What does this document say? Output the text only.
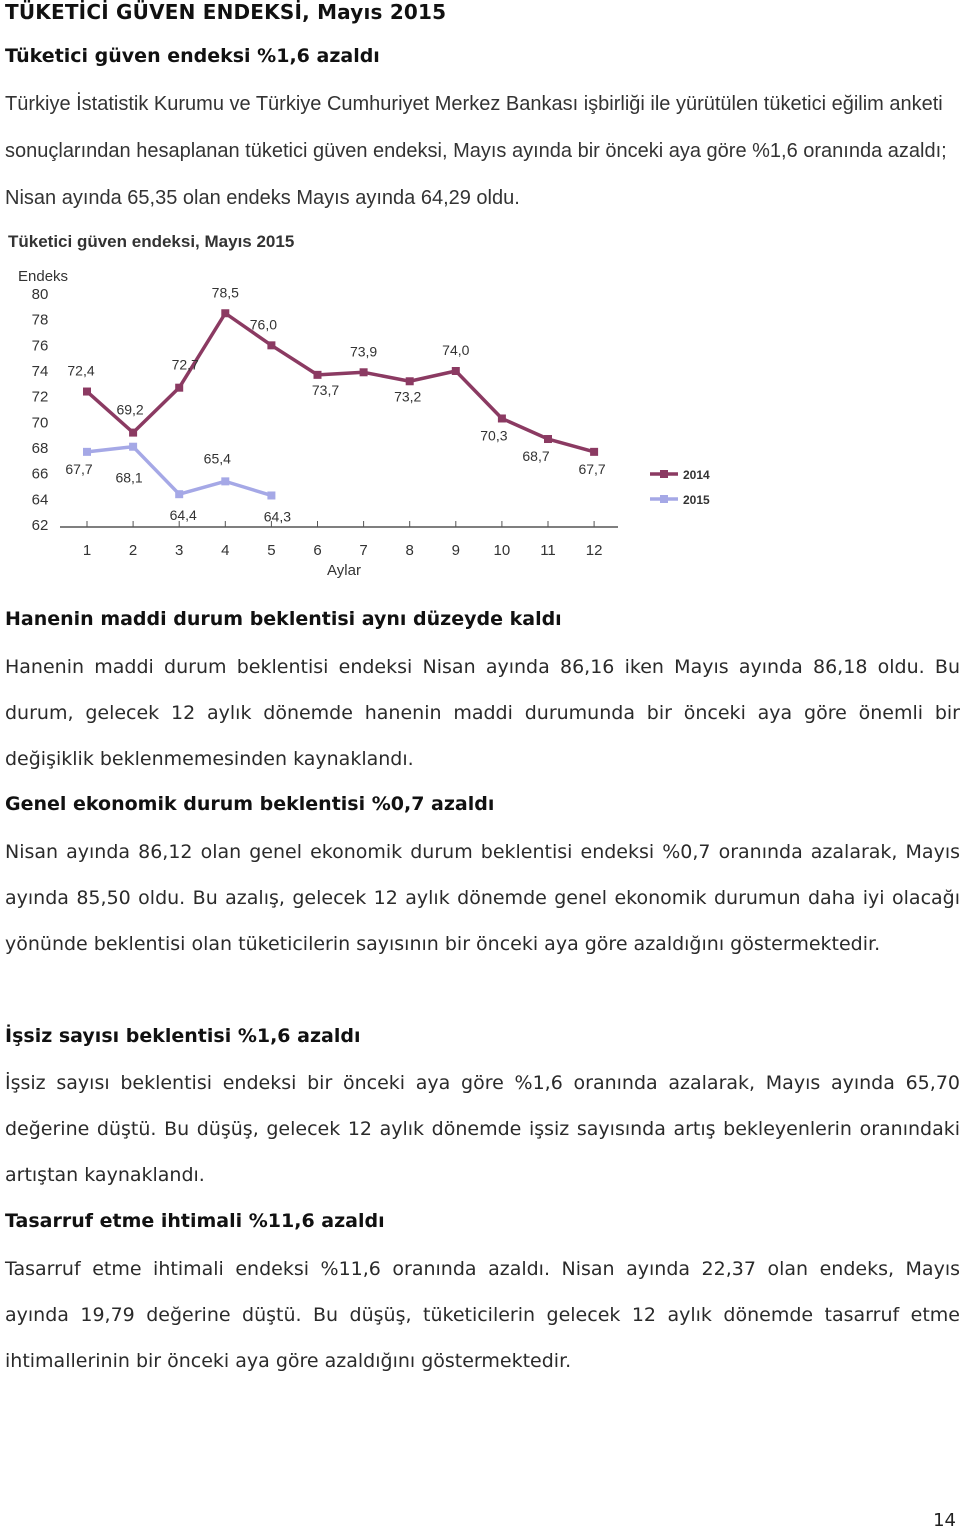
TÜKETİCİ GÜVEN ENDEKSİ, Mayıs 2015
Tüketici güven endeksi %1,6 azaldı
Türkiye İstatistik Kurumu ve Türkiye Cumhuriyet Merkez Bankası işbirliği ile yürütülen tüketici eğilim anketi sonuçlarından hesaplanan tüketici güven endeksi, Mayıs ayında bir önceki aya göre %1,6 oranında azaldı; Nisan ayında 65,35 olan endeks Mayıs ayında 64,29 oldu.
Tüketici güven endeksi, Mayıs 2015
Endeks
80
78
76
74
72
70
68
66
64
62
1	2	3	4	5	6	7	8	9 10 11 12
Aylar
72,4
69,2
72,7
78,5
76,0
73,7
73,9
73,2
74,0
70,3
68,7
67,7
67,7
68,1
64,4
65,4
64,3
2014
2015
Hanenin maddi durum beklentisi aynı düzeyde kaldı
Hanenin maddi durum beklentisi endeksi Nisan ayında 86,16 iken Mayıs ayında 86,18 oldu. Bu durum, gelecek 12 aylık dönemde hanenin maddi durumunda bir önceki aya göre önemli bir değişiklik beklenmemesinden kaynaklandı.
Genel ekonomik durum beklentisi %0,7 azaldı
Nisan ayında 86,12 olan genel ekonomik durum beklentisi endeksi %0,7 oranında azalarak, Mayıs ayında 85,50 oldu. Bu azalış, gelecek 12 aylık dönemde genel ekonomik durumun daha iyi olacağı yönünde beklentisi olan tüketicilerin sayısının bir önceki aya göre azaldığını göstermektedir.
İşsiz sayısı beklentisi %1,6 azaldı
İşsiz sayısı beklentisi endeksi bir önceki aya göre %1,6 oranında azalarak, Mayıs ayında 65,70 değerine düştü. Bu düşüş, gelecek 12 aylık dönemde işsiz sayısında artış bekleyenlerin oranındaki artıştan kaynaklandı.
Tasarruf etme ihtimali %11,6 azaldı
Tasarruf etme ihtimali endeksi %11,6 oranında azaldı. Nisan ayında 22,37 olan endeks, Mayıs ayında 19,79 değerine düştü. Bu düşüş, tüketicilerin gelecek 12 aylık dönemde tasarruf etme ihtimallerinin bir önceki aya göre azaldığını göstermektedir.
14
